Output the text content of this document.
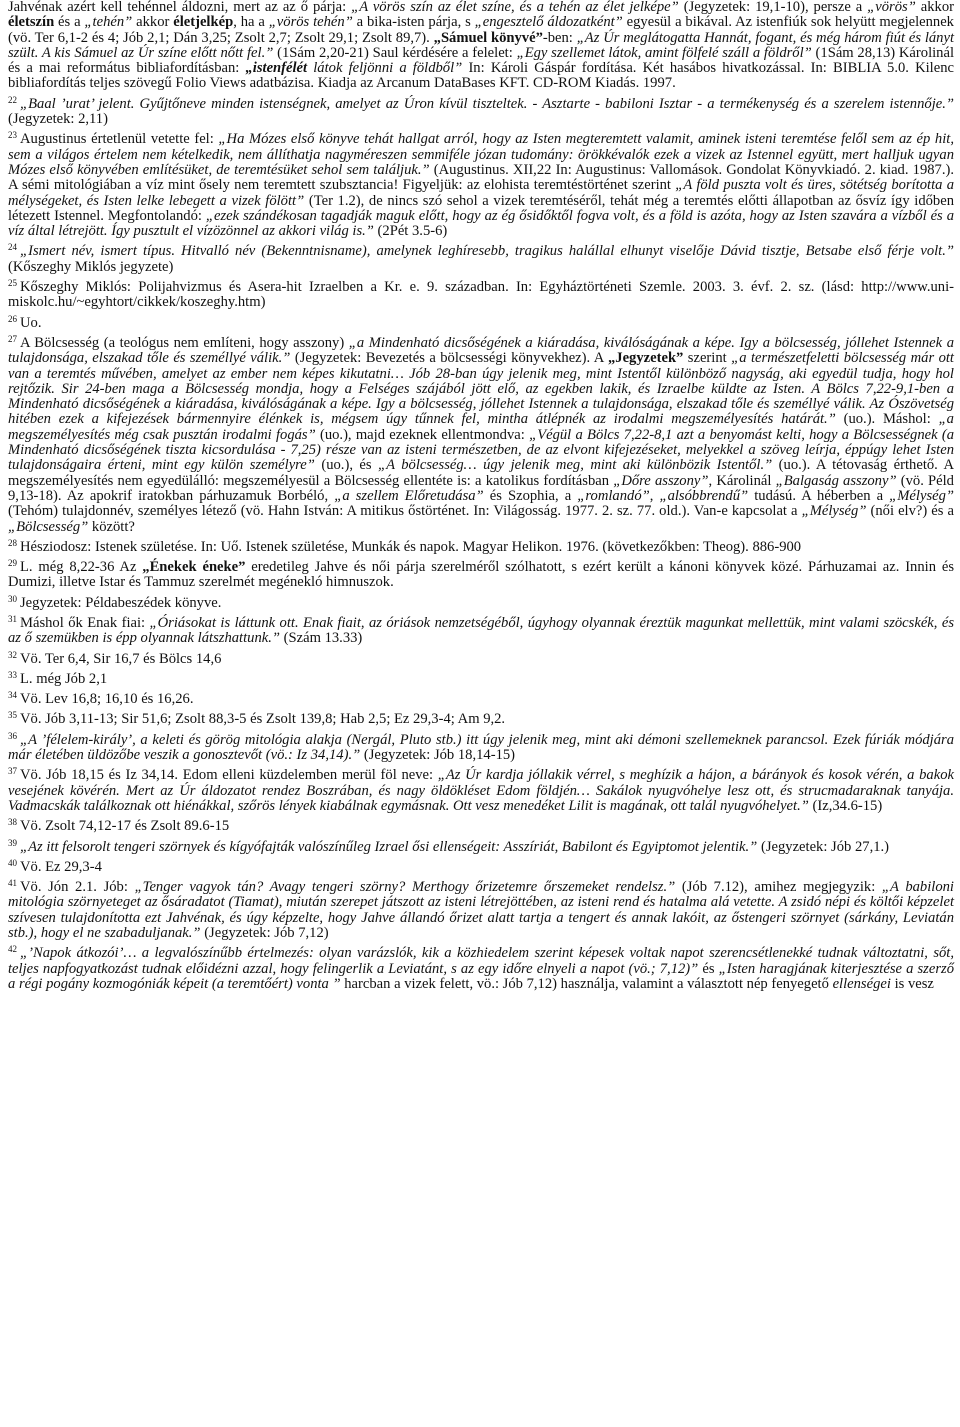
Jahvénak azért kell tehénnel áldozni, mert az az ő párja: „A vörös szín az élet színe, és a tehén az élet jelképe” (Jegyzetek: 19,1-10), persze a „vörös” akkor életszín és a „tehén” akkor életjelkép, ha a „vörös tehén” a bika-isten párja, s „engesztelő áldozatként” egyesül a bikával. Az istenfiúk sok helyütt megjelennek (vö. Ter 6,1-2 és 4; Jób 2,1; Dán 3,25; Zsolt 2,7; Zsolt 29,1; Zsolt 89,7). „Sámuel könyvé”-ben: „Az Úr meglátogatta Hannát, fogant, és még három fiút és lányt szült. A kis Sámuel az Úr színe előtt nőtt fel.” (1Sám 2,20-21) Saul kérdésére a felelet: „Egy szellemet látok, amint fölfelé száll a földről” (1Sám 28,13) Károlinál és a mai református bibliafordításban: „istenfélét látok feljönni a földből” In: Károli Gáspár fordítása. Két hasábos hivatkozással. In: BIBLIA 5.0. Kilenc bibliafordítás teljes szövegű Folio Views adatbázisa. Kiadja az Arcanum DataBases KFT. CD-ROM Kiadás. 1997.

$^{22}$ „Baal ’urat’ jelent. Gyűjtőneve minden istenségnek, amelyet az Úron kívül tiszteltek. - Asztarte - babiloni Isztar - a termékenység és a szerelem istennője.” (Jegyzetek: 2,11)

$^{23}$ Augustinus értetlenül vetette fel: „Ha Mózes első könyve tehát hallgat arról, hogy az Isten megteremtett valamit, aminek isteni teremtése felől sem az ép hit, sem a világos értelem nem kételkedik, nem állíthatja nagyméreszen semmiféle józan tudomány: örökkévalók ezek a vizek az Istennel együtt, mert halljuk ugyan Mózes első könyvében említésüket, de teremtésüket sehol sem találjuk.” (Augustinus. XII,22 In: Augustinus: Vallomások. Gondolat Könyvkiadó. 2. kiad. 1987.). A sémi mitológiában a víz mint ősely nem teremtett szubsztancia! Figyeljük: az elohista teremtéstörténet szerint „A föld puszta volt és üres, sötétség borította a mélységeket, és Isten lelke lebegett a vizek fölött” (Ter 1.2), de nincs szó sehol a vizek teremtéséről, tehát még a teremtés előtti állapotban az ősvíz így időben létezett Istennel. Megfontolandó: „ezek szándékosan tagadják maguk előtt, hogy az ég ősidőktől fogva volt, és a föld is azóta, hogy az Isten szavára a vízből és a víz által létrejött. Így pusztult el vízözönnel az akkori világ is.” (2Pét 3.5-6)

$^{24}$ „Ismert név, ismert típus. Hitvalló név (Bekenntnisname), amelynek leghíresebb, tragikus halállal elhunyt viselője Dávid tisztje, Betsabe első férje volt.” (Kőszeghy Miklós jegyzete)

$^{25}$ Kőszeghy Miklós: Polijahvizmus és Asera-hit Izraelben a Kr. e. 9. században. In: Egyháztörténeti Szemle. 2003. 3. évf. 2. sz. (lásd: http://www.uni-miskolc.hu/~egyhtort/cikkek/koszeghy.htm)

$^{26}$ Uo.

$^{27}$ A Bölcsesség (a teológus nem említeni, hogy asszony) „a Mindenható dicsőségének a kiáradása, kiválóságának a képe. Igy a bölcsesség, jóllehet Istennek a tulajdonsága, elszakad tőle és személlyé válik.” (Jegyzetek: Bevezetés a bölcsességi könyvekhez). A „Jegyzetek” szerint „a természetfeletti bölcsesség már ott van a teremtés művében, amelyet az ember nem képes kikutatni… Jób 28-ban úgy jelenik meg, mint Istentől különböző nagyság, aki egyedül tudja, hogy hol rejtőzik. Sir 24-ben maga a Bölcsesség mondja, hogy a Felséges szájából jött elő, az egekben lakik, és Izraelbe küldte az Isten. A Bölcs 7,22-9,1-ben a Mindenható dicsőségének a kiáradása, kiválóságának a képe. Igy a bölcsesség, jóllehet Istennek a tulajdonsága, elszakad tőle és személlyé válik. Az Ószövetség hitében ezek a kifejezések bármennyire élénkek is, mégsem úgy tűnnek fel, mintha átlépnék az irodalmi megszemélyesítés határát.” (uo.). Máshol: „a megszemélyesítés még csak pusztán irodalmi fogás” (uo.), majd ezeknek ellentmondva: „Végül a Bölcs 7,22-8,1 azt a benyomást kelti, hogy a Bölcsességnek (a Mindenható dicsőségének tiszta kicsordulása - 7,25) része van az isteni természetben, de az elvont kifejezéseket, melyekkel a szöveg leírja, éppúgy lehet Isten tulajdonságaira érteni, mint egy külön személyre” (uo.), és „A bölcsesség… úgy jelenik meg, mint aki különbözik Istentől.” (uo.). A tétovaság érthető. A megszemélyesítés nem egyedülálló: megszemélyesül a Bölcsesség ellentéte is: a katolikus fordításban „Dőre asszony”, Károlinál „Balgaság asszony” (vö. Péld 9,13-18). Az apokrif iratokban párhuzamuk Borbéló, „a szellem Előretudása” és Szophia, a „romlandó”, „alsóbbrendű” tudású. A héberben a „Mélység” (Tehóm) tulajdonnév, személyes létező (vö. Hahn István: A mitikus őstörténet. In: Világosság. 1977. 2. sz. 77. old.). Van-e kapcsolat a „Mélység” (női elv?) és a „Bölcsesség” között?

$^{28}$ Hésziodosz: Istenek születése. In: Uő. Istenek születése, Munkák és napok. Magyar Helikon. 1976. (következőkben: Theog). 886-900

$^{29}$ L. még 8,22-36 Az „Énekek éneke” eredetileg Jahve és női párja szerelméről szólhatott, s ezért került a kánoni könyvek közé. Párhuzamai az. Innin és Dumizi, illetve Istar és Tammuz szerelmét megénekló himnuszok.

$^{30}$ Jegyzetek: Példabeszédek könyve.

$^{31}$ Máshol ők Enak fiai: „Óriásokat is láttunk ott. Enak fiait, az óriások nemzetségéből, úgyhogy olyannak éreztük magunkat mellettük, mint valami szöcskék, és az ő szemükben is épp olyannak látszhattunk.” (Szám 13.33)

$^{32}$ Vö. Ter 6,4, Sir 16,7 és Bölcs 14,6

$^{33}$ L. még Jób 2,1

$^{34}$ Vö. Lev 16,8; 16,10 és 16,26.

$^{35}$ Vö. Jób 3,11-13; Sir 51,6; Zsolt 88,3-5 és Zsolt 139,8; Hab 2,5; Ez 29,3-4; Am 9,2.

$^{36}$ „A ’félelem-király’, a keleti és görög mitológia alakja (Nergál, Pluto stb.) itt úgy jelenik meg, mint aki démoni szellemeknek parancsol. Ezek fúriák módjára már életében üldözőbe veszik a gonosztevőt (vö.: Iz 34,14).” (Jegyzetek: Jób 18,14-15)

$^{37}$ Vö. Jób 18,15 és Iz 34,14. Edom elleni küzdelemben merül föl neve: „Az Úr kardja jóllakik vérrel, s meghízik a hájon, a bárányok és kosok vérén, a bakok vesejének kövérén. Mert az Úr áldozatot rendez Boszrában, és nagy öldökléset Edom földjén… Sakálok nyugvóhelye lesz ott, és strucmadaraknak tanyája. Vadmacskák találkoznak ott hiénákkal, szőrös lények kiabálnak egymásnak. Ott vesz menedéket Lilit is magának, ott talál nyugvóhelyet.” (Iz,34.6-15)

$^{38}$ Vö. Zsolt 74,12-17 és Zsolt 89.6-15

$^{39}$ „Az itt felsorolt tengeri szörnyek és kígyófajták valószínűleg Izrael ősi ellenségeit: Asszíriát, Babilont és Egyiptomot jelentik.” (Jegyzetek: Jób 27,1.)

$^{40}$ Vö. Ez 29,3-4

$^{41}$ Vö. Jón 2.1. Jób: „Tenger vagyok tán? Avagy tengeri szörny? Merthogy őrizetemre őrszemeket rendelsz.” (Jób 7.12), amihez megjegyzik: „A babiloni mitológia szörnyeteget az ősáradatot (Tiamat), miután szerepet játszott az isteni létrejöttében, az isteni rend és hatalma alá vetette. A zsidó népi és költői képzelet szívesen tulajdonította ezt Jahvénak, és úgy képzelte, hogy Jahve állandó őrizet alatt tartja a tengert és annak lakóit, az őstengeri szörnyet (sárkány, Leviatán stb.), hogy el ne szabaduljanak.” (Jegyzetek: Jób 7,12)

$^{42}$ „’Napok átkozói’… a legvalószínűbb értelmezés: olyan varázslók, kik a közhiedelem szerint képesek voltak napot szerencsétlenekké tudnak változtatni, sőt, teljes napfogyatkozást tudnak előidézni azzal, hogy felingerlik a Leviatánt, s az egy időre elnyeli a napot (vö.; 7,12)” és „Isten haragjának kiterjesztése a szerző a régi pogány kozmogóniák képeit (a teremtőért) vonta ” harcban a vizek felett, vö.: Jób 7,12) használja, valamint a választott nép fenyegető ellenségei is vesz
